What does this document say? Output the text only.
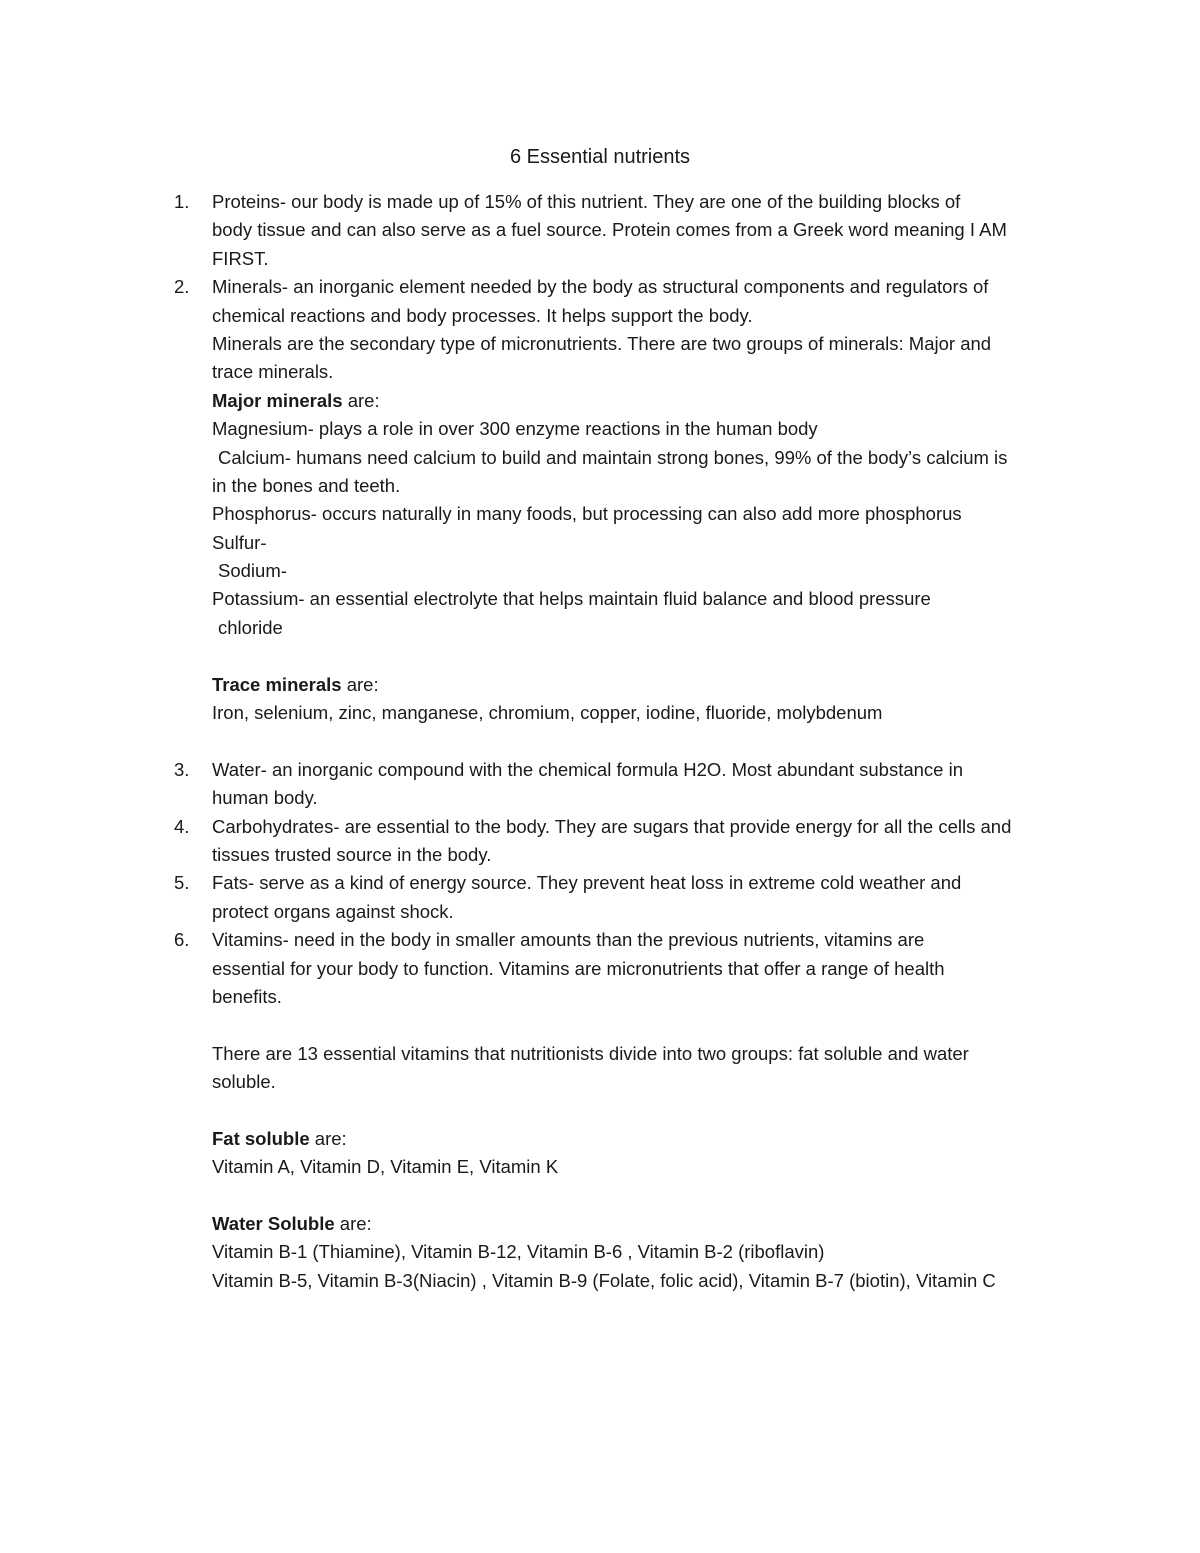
6 Essential nutrients
1. Proteins- our body is made up of 15% of this nutrient. They are one of the building blocks of
body tissue and can also serve as a fuel source. Protein comes from a Greek word meaning I AM
FIRST.
2. Minerals- an inorganic element needed by the body as structural components and regulators of
chemical reactions and body processes. It helps support the body.
Minerals are the secondary type of micronutrients. There are two groups of minerals: Major and
trace minerals.
Major minerals are:
Magnesium- plays a role in over 300 enzyme reactions in the human body
Calcium- humans need calcium to build and maintain strong bones, 99% of the body’s calcium is
in the bones and teeth.
Phosphorus- occurs naturally in many foods, but processing can also add more phosphorus
Sulfur-
Sodium-
Potassium- an essential electrolyte that helps maintain fluid balance and blood pressure
chloride
Trace minerals are:
Iron, selenium, zinc, manganese, chromium, copper, iodine, fluoride, molybdenum
3. Water- an inorganic compound with the chemical formula H2O. Most abundant substance in
human body.
4. Carbohydrates- are essential to the body. They are sugars that provide energy for all the cells and
tissues trusted source in the body.
5. Fats- serve as a kind of energy source. They prevent heat loss in extreme cold weather and
protect organs against shock.
6. Vitamins- need in the body in smaller amounts than the previous nutrients, vitamins are
essential for your body to function. Vitamins are micronutrients that offer a range of health
benefits.
There are 13 essential vitamins that nutritionists divide into two groups: fat soluble and water
soluble.
Fat soluble are:
Vitamin A, Vitamin D, Vitamin E, Vitamin K
Water Soluble are:
Vitamin B-1 (Thiamine), Vitamin B-12, Vitamin B-6 , Vitamin B-2 (riboflavin)
Vitamin B-5, Vitamin B-3(Niacin) , Vitamin B-9 (Folate, folic acid), Vitamin B-7 (biotin), Vitamin C
